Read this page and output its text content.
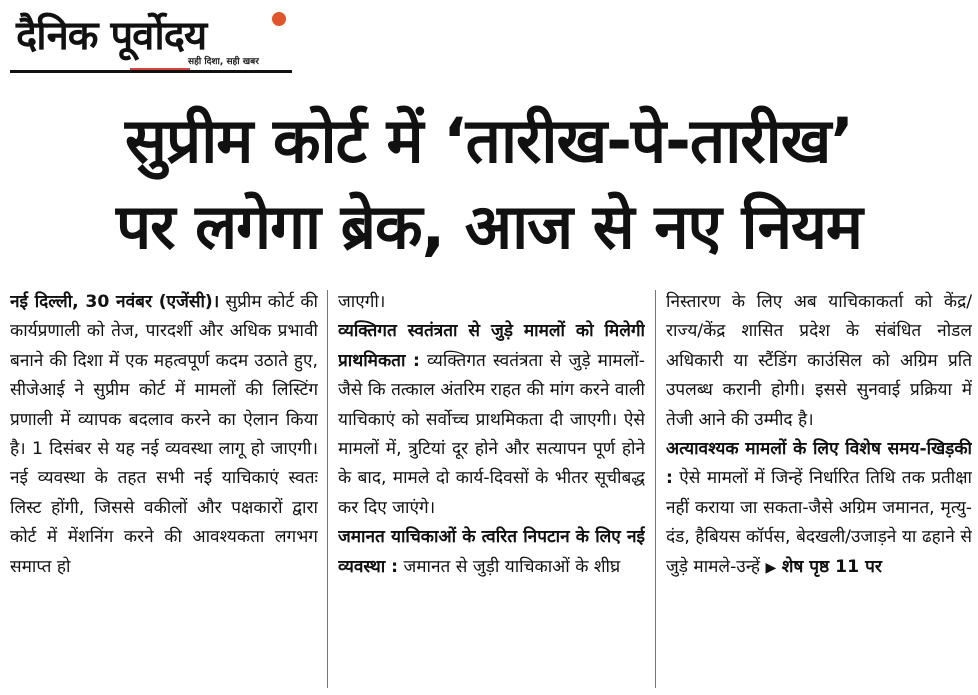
दैनिक पूर्वोदय
सही दिशा, सही खबर
सुप्रीम कोर्ट में ‘तारीख-पे-तारीख’
पर लगेगा ब्रेक, आज से नए नियम

नई दिल्ली, 30 नवंबर (एजेंसी)। सुप्रीम कोर्ट की कार्यप्रणाली को तेज, पारदर्शी और अधिक प्रभावी बनाने की दिशा में एक महत्वपूर्ण कदम उठाते हुए, सीजेआई ने सुप्रीम कोर्ट में मामलों की लिस्टिंग प्रणाली में व्यापक बदलाव करने का ऐलान किया है। 1 दिसंबर से यह नई व्यवस्था लागू हो जाएगी। नई व्यवस्था के तहत सभी नई याचिकाएं स्वतः लिस्ट होंगी, जिससे वकीलों और पक्षकारों द्वारा कोर्ट में मेंशनिंग करने की आवश्यकता लगभग समाप्त हो

जाएगी।

व्यक्तिगत स्वतंत्रता से जुड़े मामलों को मिलेगी प्राथमिकता : व्यक्तिगत स्वतंत्रता से जुड़े मामलों- जैसे कि तत्काल अंतरिम राहत की मांग करने वाली याचिकाएं को सर्वोच्च प्राथमिकता दी जाएगी। ऐसे मामलों में, त्रुटियां दूर होने और सत्यापन पूर्ण होने के बाद, मामले दो कार्य-दिवसों के भीतर सूचीबद्ध कर दिए जाएंगे।

जमानत याचिकाओं के त्वरित निपटान के लिए नई व्यवस्था : जमानत से जुड़ी याचिकाओं के शीघ्र

निस्तारण के लिए अब याचिकाकर्ता को केंद्र/राज्य/केंद्र शासित प्रदेश के संबंधित नोडल अधिकारी या स्टैंडिंग काउंसिल को अग्रिम प्रति उपलब्ध करानी होगी। इससे सुनवाई प्रक्रिया में तेजी आने की उम्मीद है।

अत्यावश्यक मामलों के लिए विशेष समय-खिड़की : ऐसे मामलों में जिन्हें निर्धारित तिथि तक प्रतीक्षा नहीं कराया जा सकता-जैसे अग्रिम जमानत, मृत्यु-दंड, हैबियस कॉर्पस, बेदखली/उजाड़ने या ढहाने से जुड़े मामले-उन्हें ▶ शेष पृष्ठ 11 पर
